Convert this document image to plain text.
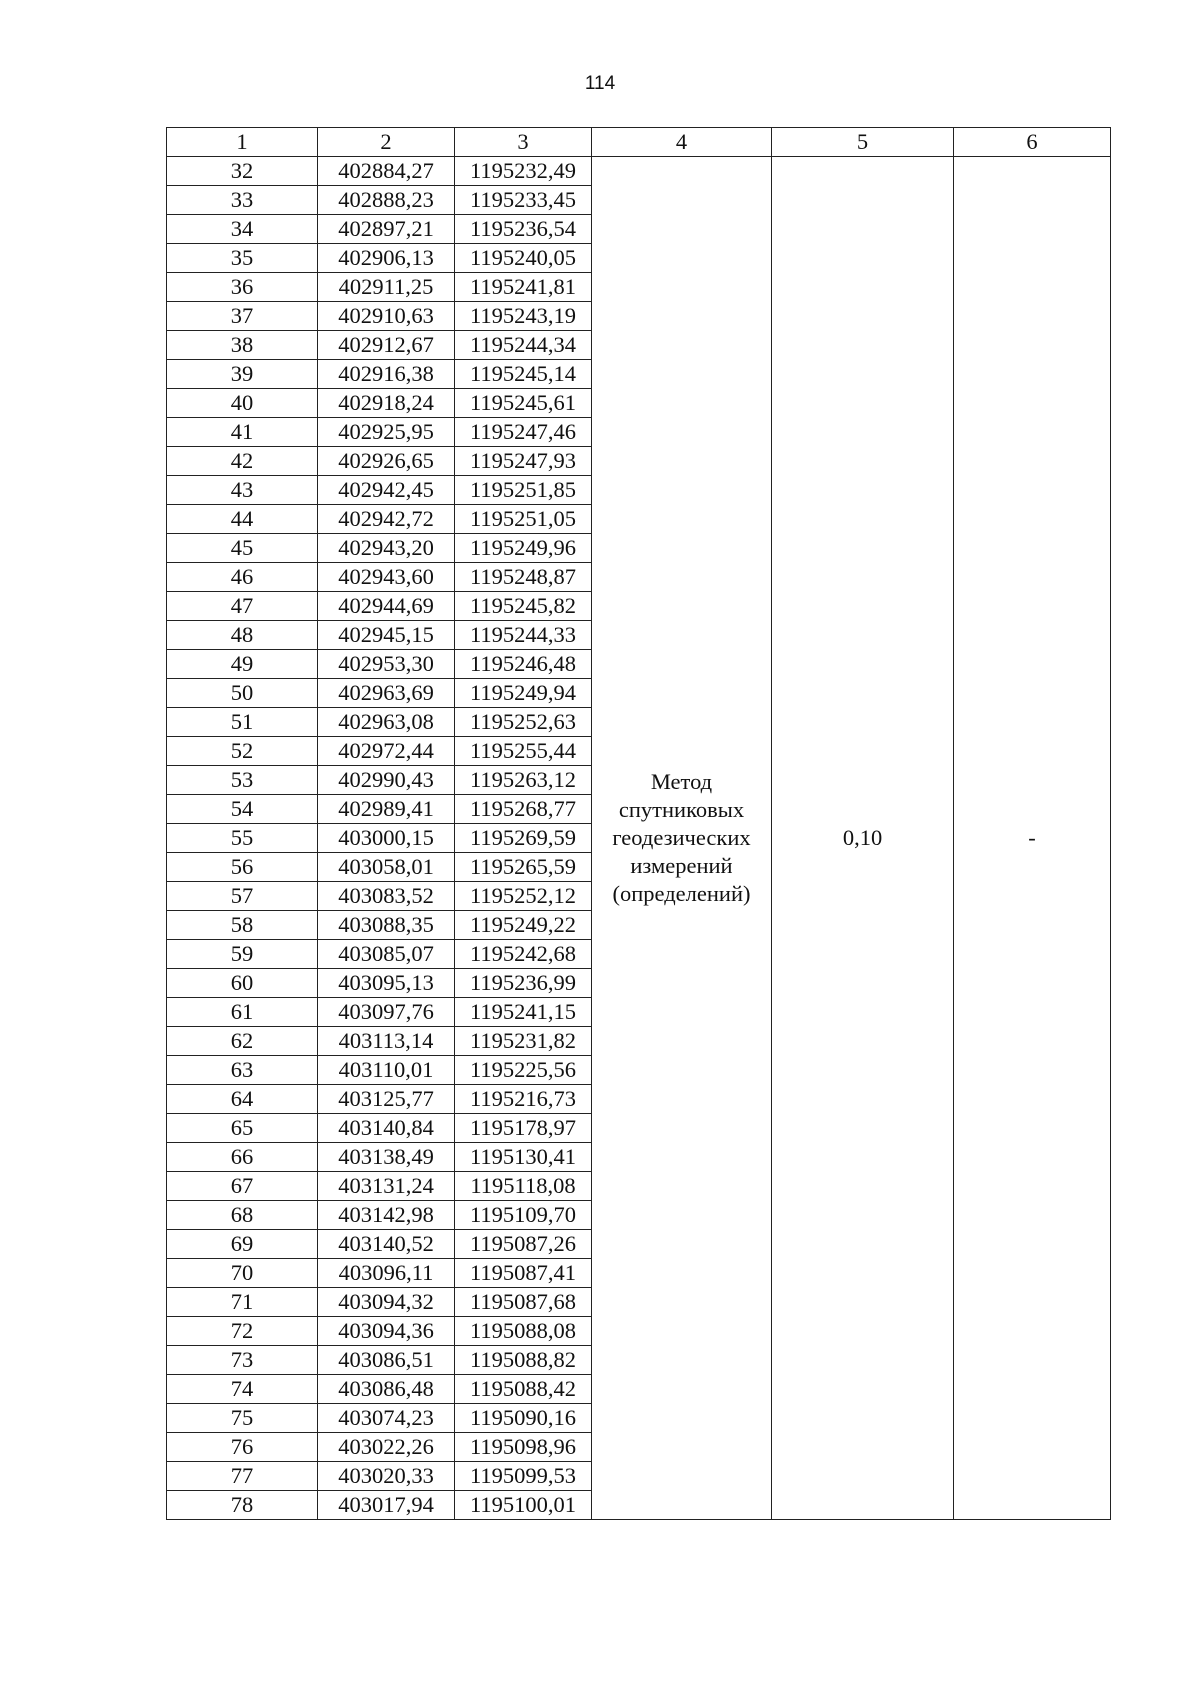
114
1	2	3	4	5	6
32	402884,27	1195232,49	Метод
спутниковых
геодезических
измерений
(определений)	0,10	-
33	402888,23	1195233,45			
34	402897,21	1195236,54			
35	402906,13	1195240,05			
36	402911,25	1195241,81			
37	402910,63	1195243,19			
38	402912,67	1195244,34			
39	402916,38	1195245,14			
40	402918,24	1195245,61			
41	402925,95	1195247,46			
42	402926,65	1195247,93			
43	402942,45	1195251,85			
44	402942,72	1195251,05			
45	402943,20	1195249,96			
46	402943,60	1195248,87			
47	402944,69	1195245,82			
48	402945,15	1195244,33			
49	402953,30	1195246,48			
50	402963,69	1195249,94			
51	402963,08	1195252,63			
52	402972,44	1195255,44			
53	402990,43	1195263,12			
54	402989,41	1195268,77			
55	403000,15	1195269,59			
56	403058,01	1195265,59			
57	403083,52	1195252,12			
58	403088,35	1195249,22			
59	403085,07	1195242,68			
60	403095,13	1195236,99			
61	403097,76	1195241,15			
62	403113,14	1195231,82			
63	403110,01	1195225,56			
64	403125,77	1195216,73			
65	403140,84	1195178,97			
66	403138,49	1195130,41			
67	403131,24	1195118,08			
68	403142,98	1195109,70			
69	403140,52	1195087,26			
70	403096,11	1195087,41			
71	403094,32	1195087,68			
72	403094,36	1195088,08			
73	403086,51	1195088,82			
74	403086,48	1195088,42			
75	403074,23	1195090,16			
76	403022,26	1195098,96			
77	403020,33	1195099,53			
78	403017,94	1195100,01			
